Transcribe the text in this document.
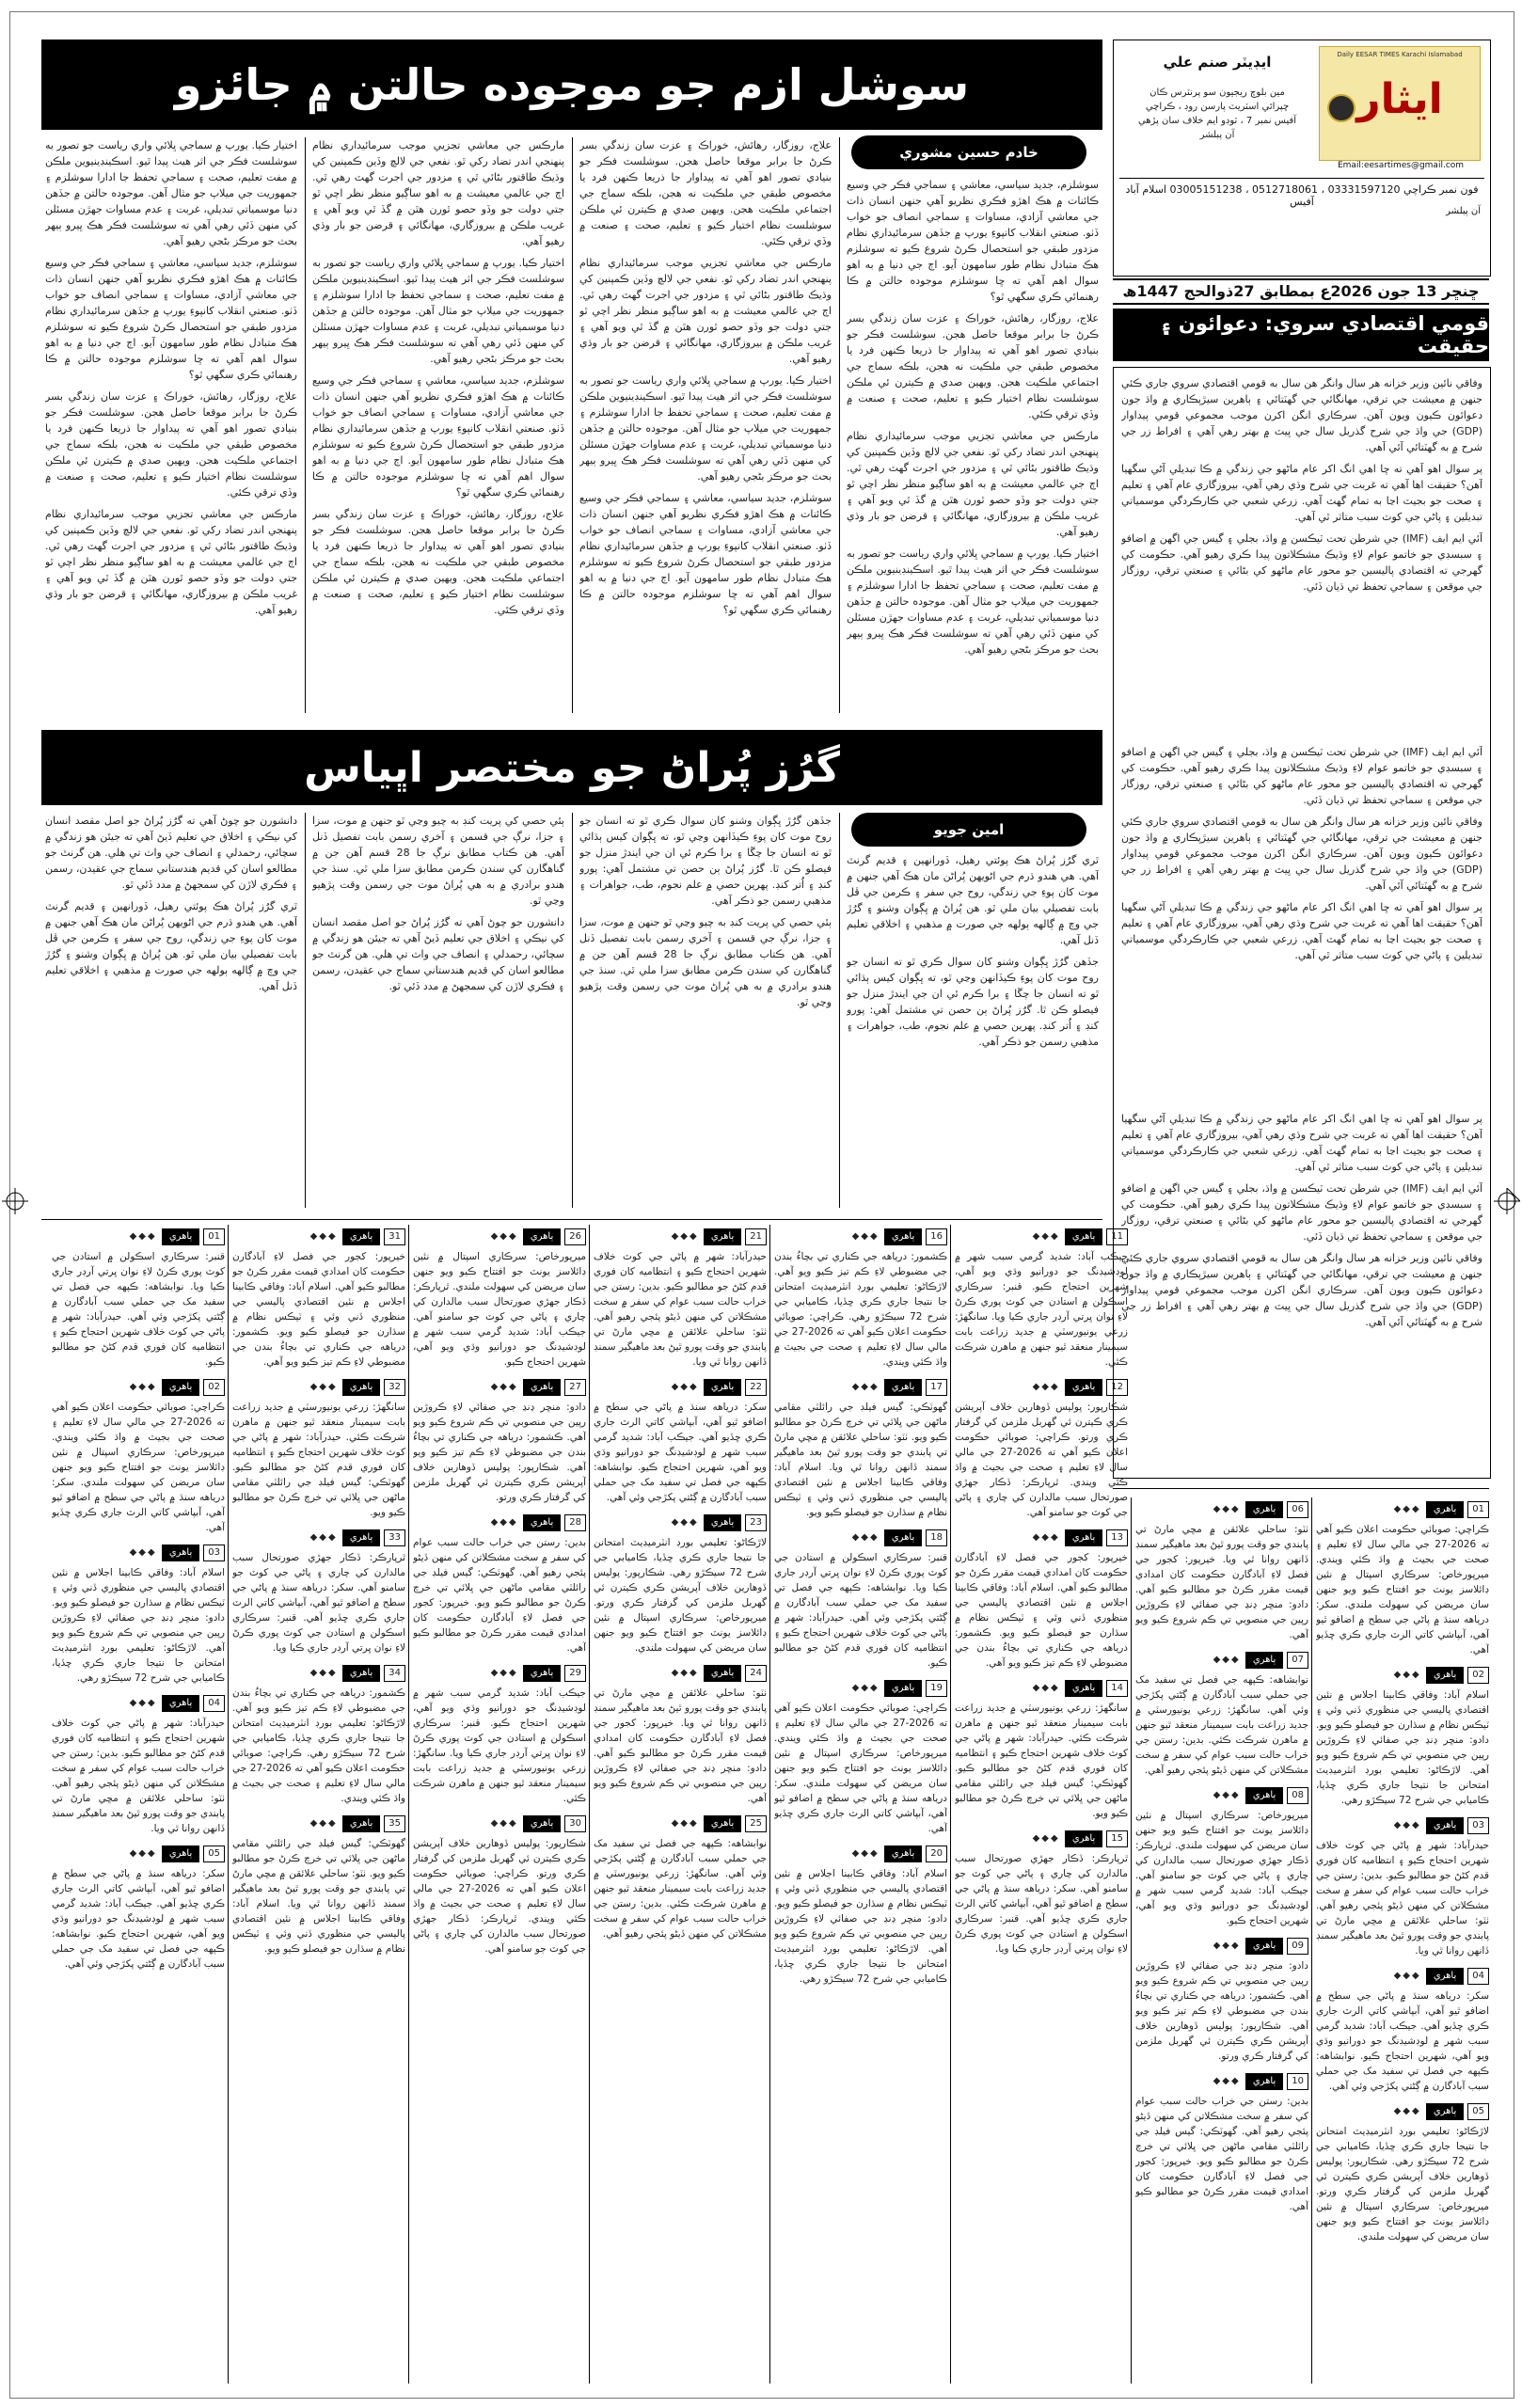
Daily EESAR TIMES Karachi Islamabad
ايثار
ايڊيٽر صنم علي
مين بلوچ ريجيون سو پرنٽرس ڪان
ڇپرائي اسٽريٽ پارسن روڊ ، ڪراچي
آفيس نمبر 7 ، ٽوڊو ايم خلاف سان پڙهي
آن پبلشر
Email:eesartimes@gmail.com
فون نمبر ڪراچي 03331597120 ، 0512718061 ، 03005151238 اسلام آباد آفيس
آن پبلشر
ڇنڇر 13 جون 2026ع بمطابق 27ذوالحج 1447ھ
قومي اقتصادي سروي: دعوائون ۽ حقيقت

وفاقي نائين وزير خزانه هر سال وانگر هن سال به قومي اقتصادي سروي جاري ڪئي جنهن ۾ معيشت جي ترقي، مهانگائي جي گهٽتائي ۽ ٻاهرين سيڙپڪاري ۾ واڌ جون دعوائون ڪيون ويون آهن. سرڪاري انگن اکرن موجب مجموعي قومي پيداوار (GDP) جي واڌ جي شرح گذريل سال جي ڀيٽ ۾ بهتر رهي آهي ۽ افراط زر جي شرح ۾ به گهٽتائي آئي آهي.

پر سوال اهو آهي ته ڇا اهي انگ اکر عام ماڻهو جي زندگي ۾ ڪا تبديلي آڻي سگهيا آهن؟ حقيقت اها آهي ته غربت جي شرح وڌي رهي آهي، بيروزگاري عام آهي ۽ تعليم ۽ صحت جو بجيٽ اڃا به تمام گهٽ آهي. زرعي شعبي جي ڪارڪردگي موسمياتي تبديلين ۽ پاڻي جي کوٽ سبب متاثر ٿي آهي.

آئي ايم ايف (IMF) جي شرطن تحت ٽيڪسن ۾ واڌ، بجلي ۽ گيس جي اگهن ۾ اضافو ۽ سبسڊي جو خاتمو عوام لاءِ وڌيڪ مشڪلاتون پيدا ڪري رهيو آهي. حڪومت کي گهرجي ته اقتصادي پاليسين جو محور عام ماڻهو کي بڻائي ۽ صنعتي ترقي، روزگار جي موقعن ۽ سماجي تحفظ تي ڌيان ڏئي.

آئي ايم ايف (IMF) جي شرطن تحت ٽيڪسن ۾ واڌ، بجلي ۽ گيس جي اگهن ۾ اضافو ۽ سبسڊي جو خاتمو عوام لاءِ وڌيڪ مشڪلاتون پيدا ڪري رهيو آهي. حڪومت کي گهرجي ته اقتصادي پاليسين جو محور عام ماڻهو کي بڻائي ۽ صنعتي ترقي، روزگار جي موقعن ۽ سماجي تحفظ تي ڌيان ڏئي.

وفاقي نائين وزير خزانه هر سال وانگر هن سال به قومي اقتصادي سروي جاري ڪئي جنهن ۾ معيشت جي ترقي، مهانگائي جي گهٽتائي ۽ ٻاهرين سيڙپڪاري ۾ واڌ جون دعوائون ڪيون ويون آهن. سرڪاري انگن اکرن موجب مجموعي قومي پيداوار (GDP) جي واڌ جي شرح گذريل سال جي ڀيٽ ۾ بهتر رهي آهي ۽ افراط زر جي شرح ۾ به گهٽتائي آئي آهي.

پر سوال اهو آهي ته ڇا اهي انگ اکر عام ماڻهو جي زندگي ۾ ڪا تبديلي آڻي سگهيا آهن؟ حقيقت اها آهي ته غربت جي شرح وڌي رهي آهي، بيروزگاري عام آهي ۽ تعليم ۽ صحت جو بجيٽ اڃا به تمام گهٽ آهي. زرعي شعبي جي ڪارڪردگي موسمياتي تبديلين ۽ پاڻي جي کوٽ سبب متاثر ٿي آهي.

پر سوال اهو آهي ته ڇا اهي انگ اکر عام ماڻهو جي زندگي ۾ ڪا تبديلي آڻي سگهيا آهن؟ حقيقت اها آهي ته غربت جي شرح وڌي رهي آهي، بيروزگاري عام آهي ۽ تعليم ۽ صحت جو بجيٽ اڃا به تمام گهٽ آهي. زرعي شعبي جي ڪارڪردگي موسمياتي تبديلين ۽ پاڻي جي کوٽ سبب متاثر ٿي آهي.

آئي ايم ايف (IMF) جي شرطن تحت ٽيڪسن ۾ واڌ، بجلي ۽ گيس جي اگهن ۾ اضافو ۽ سبسڊي جو خاتمو عوام لاءِ وڌيڪ مشڪلاتون پيدا ڪري رهيو آهي. حڪومت کي گهرجي ته اقتصادي پاليسين جو محور عام ماڻهو کي بڻائي ۽ صنعتي ترقي، روزگار جي موقعن ۽ سماجي تحفظ تي ڌيان ڏئي.

وفاقي نائين وزير خزانه هر سال وانگر هن سال به قومي اقتصادي سروي جاري ڪئي جنهن ۾ معيشت جي ترقي، مهانگائي جي گهٽتائي ۽ ٻاهرين سيڙپڪاري ۾ واڌ جون دعوائون ڪيون ويون آهن. سرڪاري انگن اکرن موجب مجموعي قومي پيداوار (GDP) جي واڌ جي شرح گذريل سال جي ڀيٽ ۾ بهتر رهي آهي ۽ افراط زر جي شرح ۾ به گهٽتائي آئي آهي.

سوشل ازم جو موجوده حالتن ۾ جائزو
خادم حسين مشوري

سوشلزم، جديد سياسي، معاشي ۽ سماجي فڪر جي وسيع ڪائنات ۾ هڪ اهڙو فڪري نظريو آهي جنهن انسان ذات جي معاشي آزادي، مساوات ۽ سماجي انصاف جو خواب ڏٺو. صنعتي انقلاب کانپوءِ يورپ ۾ جڏهن سرمائيداري نظام مزدور طبقي جو استحصال ڪرڻ شروع ڪيو ته سوشلزم هڪ متبادل نظام طور سامهون آيو. اڄ جي دنيا ۾ به اهو سوال اهم آهي ته ڇا سوشلزم موجوده حالتن ۾ ڪا رهنمائي ڪري سگهي ٿو؟

علاج، روزگار، رهائش، خوراڪ ۽ عزت سان زندگي بسر ڪرڻ جا برابر موقعا حاصل هجن. سوشلسٽ فڪر جو بنيادي تصور اهو آهي ته پيداوار جا ذريعا ڪنهن فرد يا مخصوص طبقي جي ملڪيت نه هجن، بلڪه سماج جي اجتماعي ملڪيت هجن. ويهين صدي ۾ ڪيترن ئي ملڪن سوشلسٽ نظام اختيار ڪيو ۽ تعليم، صحت ۽ صنعت ۾ وڏي ترقي ڪئي.

مارڪس جي معاشي تجزيي موجب سرمائيداري نظام پنهنجي اندر تضاد رکي ٿو. نفعي جي لالچ وڏين ڪمپنين کي وڌيڪ طاقتور بڻائي ٿي ۽ مزدور جي اجرت گهٽ رهي ٿي. اڄ جي عالمي معيشت ۾ به اهو ساڳيو منظر نظر اچي ٿو جتي دولت جو وڏو حصو ٿورن هٿن ۾ گڏ ٿي ويو آهي ۽ غريب ملڪن ۾ بيروزگاري، مهانگائي ۽ قرضن جو بار وڌي رهيو آهي.

اختيار ڪيا. يورپ ۾ سماجي ڀلائي واري رياست جو تصور به سوشلسٽ فڪر جي اثر هيٺ پيدا ٿيو. اسڪينڊينيوين ملڪن ۾ مفت تعليم، صحت ۽ سماجي تحفظ جا ادارا سوشلزم ۽ جمهوريت جي ميلاپ جو مثال آهن. موجوده حالتن ۾ جڏهن دنيا موسمياتي تبديلي، غربت ۽ عدم مساوات جهڙن مسئلن کي منهن ڏئي رهي آهي ته سوشلسٽ فڪر هڪ ڀيرو ٻيهر بحث جو مرڪز بڻجي رهيو آهي.

علاج، روزگار، رهائش، خوراڪ ۽ عزت سان زندگي بسر ڪرڻ جا برابر موقعا حاصل هجن. سوشلسٽ فڪر جو بنيادي تصور اهو آهي ته پيداوار جا ذريعا ڪنهن فرد يا مخصوص طبقي جي ملڪيت نه هجن، بلڪه سماج جي اجتماعي ملڪيت هجن. ويهين صدي ۾ ڪيترن ئي ملڪن سوشلسٽ نظام اختيار ڪيو ۽ تعليم، صحت ۽ صنعت ۾ وڏي ترقي ڪئي.

مارڪس جي معاشي تجزيي موجب سرمائيداري نظام پنهنجي اندر تضاد رکي ٿو. نفعي جي لالچ وڏين ڪمپنين کي وڌيڪ طاقتور بڻائي ٿي ۽ مزدور جي اجرت گهٽ رهي ٿي. اڄ جي عالمي معيشت ۾ به اهو ساڳيو منظر نظر اچي ٿو جتي دولت جو وڏو حصو ٿورن هٿن ۾ گڏ ٿي ويو آهي ۽ غريب ملڪن ۾ بيروزگاري، مهانگائي ۽ قرضن جو بار وڌي رهيو آهي.

اختيار ڪيا. يورپ ۾ سماجي ڀلائي واري رياست جو تصور به سوشلسٽ فڪر جي اثر هيٺ پيدا ٿيو. اسڪينڊينيوين ملڪن ۾ مفت تعليم، صحت ۽ سماجي تحفظ جا ادارا سوشلزم ۽ جمهوريت جي ميلاپ جو مثال آهن. موجوده حالتن ۾ جڏهن دنيا موسمياتي تبديلي، غربت ۽ عدم مساوات جهڙن مسئلن کي منهن ڏئي رهي آهي ته سوشلسٽ فڪر هڪ ڀيرو ٻيهر بحث جو مرڪز بڻجي رهيو آهي.

سوشلزم، جديد سياسي، معاشي ۽ سماجي فڪر جي وسيع ڪائنات ۾ هڪ اهڙو فڪري نظريو آهي جنهن انسان ذات جي معاشي آزادي، مساوات ۽ سماجي انصاف جو خواب ڏٺو. صنعتي انقلاب کانپوءِ يورپ ۾ جڏهن سرمائيداري نظام مزدور طبقي جو استحصال ڪرڻ شروع ڪيو ته سوشلزم هڪ متبادل نظام طور سامهون آيو. اڄ جي دنيا ۾ به اهو سوال اهم آهي ته ڇا سوشلزم موجوده حالتن ۾ ڪا رهنمائي ڪري سگهي ٿو؟

مارڪس جي معاشي تجزيي موجب سرمائيداري نظام پنهنجي اندر تضاد رکي ٿو. نفعي جي لالچ وڏين ڪمپنين کي وڌيڪ طاقتور بڻائي ٿي ۽ مزدور جي اجرت گهٽ رهي ٿي. اڄ جي عالمي معيشت ۾ به اهو ساڳيو منظر نظر اچي ٿو جتي دولت جو وڏو حصو ٿورن هٿن ۾ گڏ ٿي ويو آهي ۽ غريب ملڪن ۾ بيروزگاري، مهانگائي ۽ قرضن جو بار وڌي رهيو آهي.

اختيار ڪيا. يورپ ۾ سماجي ڀلائي واري رياست جو تصور به سوشلسٽ فڪر جي اثر هيٺ پيدا ٿيو. اسڪينڊينيوين ملڪن ۾ مفت تعليم، صحت ۽ سماجي تحفظ جا ادارا سوشلزم ۽ جمهوريت جي ميلاپ جو مثال آهن. موجوده حالتن ۾ جڏهن دنيا موسمياتي تبديلي، غربت ۽ عدم مساوات جهڙن مسئلن کي منهن ڏئي رهي آهي ته سوشلسٽ فڪر هڪ ڀيرو ٻيهر بحث جو مرڪز بڻجي رهيو آهي.

سوشلزم، جديد سياسي، معاشي ۽ سماجي فڪر جي وسيع ڪائنات ۾ هڪ اهڙو فڪري نظريو آهي جنهن انسان ذات جي معاشي آزادي، مساوات ۽ سماجي انصاف جو خواب ڏٺو. صنعتي انقلاب کانپوءِ يورپ ۾ جڏهن سرمائيداري نظام مزدور طبقي جو استحصال ڪرڻ شروع ڪيو ته سوشلزم هڪ متبادل نظام طور سامهون آيو. اڄ جي دنيا ۾ به اهو سوال اهم آهي ته ڇا سوشلزم موجوده حالتن ۾ ڪا رهنمائي ڪري سگهي ٿو؟

علاج، روزگار، رهائش، خوراڪ ۽ عزت سان زندگي بسر ڪرڻ جا برابر موقعا حاصل هجن. سوشلسٽ فڪر جو بنيادي تصور اهو آهي ته پيداوار جا ذريعا ڪنهن فرد يا مخصوص طبقي جي ملڪيت نه هجن، بلڪه سماج جي اجتماعي ملڪيت هجن. ويهين صدي ۾ ڪيترن ئي ملڪن سوشلسٽ نظام اختيار ڪيو ۽ تعليم، صحت ۽ صنعت ۾ وڏي ترقي ڪئي.

اختيار ڪيا. يورپ ۾ سماجي ڀلائي واري رياست جو تصور به سوشلسٽ فڪر جي اثر هيٺ پيدا ٿيو. اسڪينڊينيوين ملڪن ۾ مفت تعليم، صحت ۽ سماجي تحفظ جا ادارا سوشلزم ۽ جمهوريت جي ميلاپ جو مثال آهن. موجوده حالتن ۾ جڏهن دنيا موسمياتي تبديلي، غربت ۽ عدم مساوات جهڙن مسئلن کي منهن ڏئي رهي آهي ته سوشلسٽ فڪر هڪ ڀيرو ٻيهر بحث جو مرڪز بڻجي رهيو آهي.

سوشلزم، جديد سياسي، معاشي ۽ سماجي فڪر جي وسيع ڪائنات ۾ هڪ اهڙو فڪري نظريو آهي جنهن انسان ذات جي معاشي آزادي، مساوات ۽ سماجي انصاف جو خواب ڏٺو. صنعتي انقلاب کانپوءِ يورپ ۾ جڏهن سرمائيداري نظام مزدور طبقي جو استحصال ڪرڻ شروع ڪيو ته سوشلزم هڪ متبادل نظام طور سامهون آيو. اڄ جي دنيا ۾ به اهو سوال اهم آهي ته ڇا سوشلزم موجوده حالتن ۾ ڪا رهنمائي ڪري سگهي ٿو؟

علاج، روزگار، رهائش، خوراڪ ۽ عزت سان زندگي بسر ڪرڻ جا برابر موقعا حاصل هجن. سوشلسٽ فڪر جو بنيادي تصور اهو آهي ته پيداوار جا ذريعا ڪنهن فرد يا مخصوص طبقي جي ملڪيت نه هجن، بلڪه سماج جي اجتماعي ملڪيت هجن. ويهين صدي ۾ ڪيترن ئي ملڪن سوشلسٽ نظام اختيار ڪيو ۽ تعليم، صحت ۽ صنعت ۾ وڏي ترقي ڪئي.

مارڪس جي معاشي تجزيي موجب سرمائيداري نظام پنهنجي اندر تضاد رکي ٿو. نفعي جي لالچ وڏين ڪمپنين کي وڌيڪ طاقتور بڻائي ٿي ۽ مزدور جي اجرت گهٽ رهي ٿي. اڄ جي عالمي معيشت ۾ به اهو ساڳيو منظر نظر اچي ٿو جتي دولت جو وڏو حصو ٿورن هٿن ۾ گڏ ٿي ويو آهي ۽ غريب ملڪن ۾ بيروزگاري، مهانگائي ۽ قرضن جو بار وڌي رهيو آهي.

گرُز پُراڻ جو مختصر اڀياس
امين جويو

ٿري گرُز پُراڻ هڪ پوئتي رهيل، ڏورانهين ۽ قديم گرنٿ آهي. هي هندو ڌرم جي اڻويهن پُراڻن مان هڪ آهي جنهن ۾ موت کان پوءِ جي زندگي، روح جي سفر ۽ ڪرمن جي ڦل بابت تفصيلي بيان ملي ٿو. هن پُراڻ ۾ ڀڳوان وشنو ۽ گرُڙ جي وچ ۾ ڳالهه ٻولهه جي صورت ۾ مذهبي ۽ اخلاقي تعليم ڏنل آهي.

جڏهن گرُڙ ڀڳوان وشنو کان سوال ڪري ٿو ته انسان جو روح موت کان پوءِ ڪيڏانهن وڃي ٿو، ته ڀڳوان کيس ٻڌائي ٿو ته انسان جا چڱا ۽ برا ڪرم ئي ان جي ايندڙ منزل جو فيصلو ڪن ٿا. گرُز پُراڻ ٻن حصن تي مشتمل آهي: پورو کنڊ ۽ اُتر کنڊ. پهرين حصي ۾ علم نجوم، طب، جواهرات ۽ مذهبي رسمن جو ذڪر آهي.

جڏهن گرُڙ ڀڳوان وشنو کان سوال ڪري ٿو ته انسان جو روح موت کان پوءِ ڪيڏانهن وڃي ٿو، ته ڀڳوان کيس ٻڌائي ٿو ته انسان جا چڱا ۽ برا ڪرم ئي ان جي ايندڙ منزل جو فيصلو ڪن ٿا. گرُز پُراڻ ٻن حصن تي مشتمل آهي: پورو کنڊ ۽ اُتر کنڊ. پهرين حصي ۾ علم نجوم، طب، جواهرات ۽ مذهبي رسمن جو ذڪر آهي.

ٻئي حصي کي پريت کنڊ به چيو وڃي ٿو جنهن ۾ موت، سزا ۽ جزا، نرڳ جي قسمن ۽ آخري رسمن بابت تفصيل ڏنل آهي. هن ڪتاب مطابق نرڳ جا 28 قسم آهن جن ۾ گناهگارن کي سندن ڪرمن مطابق سزا ملي ٿي. سنڌ جي هندو برادري ۾ به هي پُراڻ موت جي رسمن وقت پڙهيو وڃي ٿو.

ٻئي حصي کي پريت کنڊ به چيو وڃي ٿو جنهن ۾ موت، سزا ۽ جزا، نرڳ جي قسمن ۽ آخري رسمن بابت تفصيل ڏنل آهي. هن ڪتاب مطابق نرڳ جا 28 قسم آهن جن ۾ گناهگارن کي سندن ڪرمن مطابق سزا ملي ٿي. سنڌ جي هندو برادري ۾ به هي پُراڻ موت جي رسمن وقت پڙهيو وڃي ٿو.

دانشورن جو چوڻ آهي ته گرُز پُراڻ جو اصل مقصد انسان کي نيڪي ۽ اخلاق جي تعليم ڏيڻ آهي ته جيئن هو زندگي ۾ سچائي، رحمدلي ۽ انصاف جي واٽ تي هلي. هن گرنٿ جو مطالعو اسان کي قديم هندستاني سماج جي عقيدن، رسمن ۽ فڪري لاڙن کي سمجهڻ ۾ مدد ڏئي ٿو.

دانشورن جو چوڻ آهي ته گرُز پُراڻ جو اصل مقصد انسان کي نيڪي ۽ اخلاق جي تعليم ڏيڻ آهي ته جيئن هو زندگي ۾ سچائي، رحمدلي ۽ انصاف جي واٽ تي هلي. هن گرنٿ جو مطالعو اسان کي قديم هندستاني سماج جي عقيدن، رسمن ۽ فڪري لاڙن کي سمجهڻ ۾ مدد ڏئي ٿو.

ٿري گرُز پُراڻ هڪ پوئتي رهيل، ڏورانهين ۽ قديم گرنٿ آهي. هي هندو ڌرم جي اڻويهن پُراڻن مان هڪ آهي جنهن ۾ موت کان پوءِ جي زندگي، روح جي سفر ۽ ڪرمن جي ڦل بابت تفصيلي بيان ملي ٿو. هن پُراڻ ۾ ڀڳوان وشنو ۽ گرُڙ جي وچ ۾ ڳالهه ٻولهه جي صورت ۾ مذهبي ۽ اخلاقي تعليم ڏنل آهي.

01ٻاهري ◆◆◆
ڪراچي: صوبائي حڪومت اعلان ڪيو آهي ته 2026-27 جي مالي سال لاءِ تعليم ۽ صحت جي بجيٽ ۾ واڌ ڪئي ويندي. ميرپورخاص: سرڪاري اسپتال ۾ نئين ڊائلاسز يونٽ جو افتتاح ڪيو ويو جنهن سان مريضن کي سهولت ملندي. سکر: درياهه سنڌ ۾ پاڻي جي سطح ۾ اضافو ٿيو آهي، آبپاشي کاتي الرٽ جاري ڪري ڇڏيو آهي.
02ٻاهري ◆◆◆
اسلام آباد: وفاقي ڪابينا اجلاس ۾ نئين اقتصادي پاليسي جي منظوري ڏني وئي ۽ ٽيڪس نظام ۾ سڌارن جو فيصلو ڪيو ويو. دادو: منڇر ڍنڍ جي صفائي لاءِ ڪروڙين رپين جي منصوبي تي ڪم شروع ڪيو ويو آهي. لاڙڪاڻو: تعليمي بورڊ انٽرميڊيٽ امتحانن جا نتيجا جاري ڪري ڇڏيا، ڪاميابي جي شرح 72 سيڪڙو رهي.
03ٻاهري ◆◆◆
حيدرآباد: شهر ۾ پاڻي جي کوٽ خلاف شهرين احتجاج ڪيو ۽ انتظاميه کان فوري قدم کڻڻ جو مطالبو ڪيو. بدين: رستن جي خراب حالت سبب عوام کي سفر ۾ سخت مشڪلاتن کي منهن ڏيڻو پئجي رهيو آهي. ٺٽو: ساحلي علائقن ۾ مڇي مارڻ تي پابندي جو وقت پورو ٿيڻ بعد ماهيگير سمنڊ ڏانهن روانا ٿي ويا.
04ٻاهري ◆◆◆
سکر: درياهه سنڌ ۾ پاڻي جي سطح ۾ اضافو ٿيو آهي، آبپاشي کاتي الرٽ جاري ڪري ڇڏيو آهي. جيڪب آباد: شديد گرمي سبب شهر ۾ لوڊشيڊنگ جو دورانيو وڌي ويو آهي، شهرين احتجاج ڪيو. نوابشاهه: ڪپهه جي فصل تي سفيد مک جي حملي سبب آبادگارن ۾ ڳڻتي پکڙجي وئي آهي.
05ٻاهري ◆◆◆
لاڙڪاڻو: تعليمي بورڊ انٽرميڊيٽ امتحانن جا نتيجا جاري ڪري ڇڏيا، ڪاميابي جي شرح 72 سيڪڙو رهي. شڪارپور: پوليس ڏوهارين خلاف آپريشن ڪري ڪيترن ئي گهربل ملزمن کي گرفتار ڪري ورتو. ميرپورخاص: سرڪاري اسپتال ۾ نئين ڊائلاسز يونٽ جو افتتاح ڪيو ويو جنهن سان مريضن کي سهولت ملندي.
06ٻاهري ◆◆◆
ٺٽو: ساحلي علائقن ۾ مڇي مارڻ تي پابندي جو وقت پورو ٿيڻ بعد ماهيگير سمنڊ ڏانهن روانا ٿي ويا. خيرپور: کجور جي فصل لاءِ آبادگارن حڪومت کان امدادي قيمت مقرر ڪرڻ جو مطالبو ڪيو آهي. دادو: منڇر ڍنڍ جي صفائي لاءِ ڪروڙين رپين جي منصوبي تي ڪم شروع ڪيو ويو آهي.
07ٻاهري ◆◆◆
نوابشاهه: ڪپهه جي فصل تي سفيد مک جي حملي سبب آبادگارن ۾ ڳڻتي پکڙجي وئي آهي. سانگهڙ: زرعي يونيورسٽي ۾ جديد زراعت بابت سيمينار منعقد ٿيو جنهن ۾ ماهرن شرڪت ڪئي. بدين: رستن جي خراب حالت سبب عوام کي سفر ۾ سخت مشڪلاتن کي منهن ڏيڻو پئجي رهيو آهي.
08ٻاهري ◆◆◆
ميرپورخاص: سرڪاري اسپتال ۾ نئين ڊائلاسز يونٽ جو افتتاح ڪيو ويو جنهن سان مريضن کي سهولت ملندي. ٿرپارڪر: ڏڪار جهڙي صورتحال سبب مالدارن کي چاري ۽ پاڻي جي کوٽ جو سامنو آهي. جيڪب آباد: شديد گرمي سبب شهر ۾ لوڊشيڊنگ جو دورانيو وڌي ويو آهي، شهرين احتجاج ڪيو.
09ٻاهري ◆◆◆
دادو: منڇر ڍنڍ جي صفائي لاءِ ڪروڙين رپين جي منصوبي تي ڪم شروع ڪيو ويو آهي. ڪشمور: درياهه جي ڪناري تي بچاءُ بندن جي مضبوطي لاءِ ڪم تيز ڪيو ويو آهي. شڪارپور: پوليس ڏوهارين خلاف آپريشن ڪري ڪيترن ئي گهربل ملزمن کي گرفتار ڪري ورتو.
10ٻاهري ◆◆◆
بدين: رستن جي خراب حالت سبب عوام کي سفر ۾ سخت مشڪلاتن کي منهن ڏيڻو پئجي رهيو آهي. گهوٽڪي: گيس فيلڊ جي رائلٽي مقامي ماڻهن جي ڀلائي تي خرچ ڪرڻ جو مطالبو ڪيو ويو. خيرپور: کجور جي فصل لاءِ آبادگارن حڪومت کان امدادي قيمت مقرر ڪرڻ جو مطالبو ڪيو آهي.
11ٻاهري ◆◆◆
جيڪب آباد: شديد گرمي سبب شهر ۾ لوڊشيڊنگ جو دورانيو وڌي ويو آهي، شهرين احتجاج ڪيو. قنبر: سرڪاري اسڪولن ۾ استادن جي کوٽ پوري ڪرڻ لاءِ نوان ڀرتي آرڊر جاري ڪيا ويا. سانگهڙ: زرعي يونيورسٽي ۾ جديد زراعت بابت سيمينار منعقد ٿيو جنهن ۾ ماهرن شرڪت ڪئي.
12ٻاهري ◆◆◆
شڪارپور: پوليس ڏوهارين خلاف آپريشن ڪري ڪيترن ئي گهربل ملزمن کي گرفتار ڪري ورتو. ڪراچي: صوبائي حڪومت اعلان ڪيو آهي ته 2026-27 جي مالي سال لاءِ تعليم ۽ صحت جي بجيٽ ۾ واڌ ڪئي ويندي. ٿرپارڪر: ڏڪار جهڙي صورتحال سبب مالدارن کي چاري ۽ پاڻي جي کوٽ جو سامنو آهي.
13ٻاهري ◆◆◆
خيرپور: کجور جي فصل لاءِ آبادگارن حڪومت کان امدادي قيمت مقرر ڪرڻ جو مطالبو ڪيو آهي. اسلام آباد: وفاقي ڪابينا اجلاس ۾ نئين اقتصادي پاليسي جي منظوري ڏني وئي ۽ ٽيڪس نظام ۾ سڌارن جو فيصلو ڪيو ويو. ڪشمور: درياهه جي ڪناري تي بچاءُ بندن جي مضبوطي لاءِ ڪم تيز ڪيو ويو آهي.
14ٻاهري ◆◆◆
سانگهڙ: زرعي يونيورسٽي ۾ جديد زراعت بابت سيمينار منعقد ٿيو جنهن ۾ ماهرن شرڪت ڪئي. حيدرآباد: شهر ۾ پاڻي جي کوٽ خلاف شهرين احتجاج ڪيو ۽ انتظاميه کان فوري قدم کڻڻ جو مطالبو ڪيو. گهوٽڪي: گيس فيلڊ جي رائلٽي مقامي ماڻهن جي ڀلائي تي خرچ ڪرڻ جو مطالبو ڪيو ويو.
15ٻاهري ◆◆◆
ٿرپارڪر: ڏڪار جهڙي صورتحال سبب مالدارن کي چاري ۽ پاڻي جي کوٽ جو سامنو آهي. سکر: درياهه سنڌ ۾ پاڻي جي سطح ۾ اضافو ٿيو آهي، آبپاشي کاتي الرٽ جاري ڪري ڇڏيو آهي. قنبر: سرڪاري اسڪولن ۾ استادن جي کوٽ پوري ڪرڻ لاءِ نوان ڀرتي آرڊر جاري ڪيا ويا.
16ٻاهري ◆◆◆
ڪشمور: درياهه جي ڪناري تي بچاءُ بندن جي مضبوطي لاءِ ڪم تيز ڪيو ويو آهي. لاڙڪاڻو: تعليمي بورڊ انٽرميڊيٽ امتحانن جا نتيجا جاري ڪري ڇڏيا، ڪاميابي جي شرح 72 سيڪڙو رهي. ڪراچي: صوبائي حڪومت اعلان ڪيو آهي ته 2026-27 جي مالي سال لاءِ تعليم ۽ صحت جي بجيٽ ۾ واڌ ڪئي ويندي.
17ٻاهري ◆◆◆
گهوٽڪي: گيس فيلڊ جي رائلٽي مقامي ماڻهن جي ڀلائي تي خرچ ڪرڻ جو مطالبو ڪيو ويو. ٺٽو: ساحلي علائقن ۾ مڇي مارڻ تي پابندي جو وقت پورو ٿيڻ بعد ماهيگير سمنڊ ڏانهن روانا ٿي ويا. اسلام آباد: وفاقي ڪابينا اجلاس ۾ نئين اقتصادي پاليسي جي منظوري ڏني وئي ۽ ٽيڪس نظام ۾ سڌارن جو فيصلو ڪيو ويو.
18ٻاهري ◆◆◆
قنبر: سرڪاري اسڪولن ۾ استادن جي کوٽ پوري ڪرڻ لاءِ نوان ڀرتي آرڊر جاري ڪيا ويا. نوابشاهه: ڪپهه جي فصل تي سفيد مک جي حملي سبب آبادگارن ۾ ڳڻتي پکڙجي وئي آهي. حيدرآباد: شهر ۾ پاڻي جي کوٽ خلاف شهرين احتجاج ڪيو ۽ انتظاميه کان فوري قدم کڻڻ جو مطالبو ڪيو.
19ٻاهري ◆◆◆
ڪراچي: صوبائي حڪومت اعلان ڪيو آهي ته 2026-27 جي مالي سال لاءِ تعليم ۽ صحت جي بجيٽ ۾ واڌ ڪئي ويندي. ميرپورخاص: سرڪاري اسپتال ۾ نئين ڊائلاسز يونٽ جو افتتاح ڪيو ويو جنهن سان مريضن کي سهولت ملندي. سکر: درياهه سنڌ ۾ پاڻي جي سطح ۾ اضافو ٿيو آهي، آبپاشي کاتي الرٽ جاري ڪري ڇڏيو آهي.
20ٻاهري ◆◆◆
اسلام آباد: وفاقي ڪابينا اجلاس ۾ نئين اقتصادي پاليسي جي منظوري ڏني وئي ۽ ٽيڪس نظام ۾ سڌارن جو فيصلو ڪيو ويو. دادو: منڇر ڍنڍ جي صفائي لاءِ ڪروڙين رپين جي منصوبي تي ڪم شروع ڪيو ويو آهي. لاڙڪاڻو: تعليمي بورڊ انٽرميڊيٽ امتحانن جا نتيجا جاري ڪري ڇڏيا، ڪاميابي جي شرح 72 سيڪڙو رهي.
21ٻاهري ◆◆◆
حيدرآباد: شهر ۾ پاڻي جي کوٽ خلاف شهرين احتجاج ڪيو ۽ انتظاميه کان فوري قدم کڻڻ جو مطالبو ڪيو. بدين: رستن جي خراب حالت سبب عوام کي سفر ۾ سخت مشڪلاتن کي منهن ڏيڻو پئجي رهيو آهي. ٺٽو: ساحلي علائقن ۾ مڇي مارڻ تي پابندي جو وقت پورو ٿيڻ بعد ماهيگير سمنڊ ڏانهن روانا ٿي ويا.
22ٻاهري ◆◆◆
سکر: درياهه سنڌ ۾ پاڻي جي سطح ۾ اضافو ٿيو آهي، آبپاشي کاتي الرٽ جاري ڪري ڇڏيو آهي. جيڪب آباد: شديد گرمي سبب شهر ۾ لوڊشيڊنگ جو دورانيو وڌي ويو آهي، شهرين احتجاج ڪيو. نوابشاهه: ڪپهه جي فصل تي سفيد مک جي حملي سبب آبادگارن ۾ ڳڻتي پکڙجي وئي آهي.
23ٻاهري ◆◆◆
لاڙڪاڻو: تعليمي بورڊ انٽرميڊيٽ امتحانن جا نتيجا جاري ڪري ڇڏيا، ڪاميابي جي شرح 72 سيڪڙو رهي. شڪارپور: پوليس ڏوهارين خلاف آپريشن ڪري ڪيترن ئي گهربل ملزمن کي گرفتار ڪري ورتو. ميرپورخاص: سرڪاري اسپتال ۾ نئين ڊائلاسز يونٽ جو افتتاح ڪيو ويو جنهن سان مريضن کي سهولت ملندي.
24ٻاهري ◆◆◆
ٺٽو: ساحلي علائقن ۾ مڇي مارڻ تي پابندي جو وقت پورو ٿيڻ بعد ماهيگير سمنڊ ڏانهن روانا ٿي ويا. خيرپور: کجور جي فصل لاءِ آبادگارن حڪومت کان امدادي قيمت مقرر ڪرڻ جو مطالبو ڪيو آهي. دادو: منڇر ڍنڍ جي صفائي لاءِ ڪروڙين رپين جي منصوبي تي ڪم شروع ڪيو ويو آهي.
25ٻاهري ◆◆◆
نوابشاهه: ڪپهه جي فصل تي سفيد مک جي حملي سبب آبادگارن ۾ ڳڻتي پکڙجي وئي آهي. سانگهڙ: زرعي يونيورسٽي ۾ جديد زراعت بابت سيمينار منعقد ٿيو جنهن ۾ ماهرن شرڪت ڪئي. بدين: رستن جي خراب حالت سبب عوام کي سفر ۾ سخت مشڪلاتن کي منهن ڏيڻو پئجي رهيو آهي.
26ٻاهري ◆◆◆
ميرپورخاص: سرڪاري اسپتال ۾ نئين ڊائلاسز يونٽ جو افتتاح ڪيو ويو جنهن سان مريضن کي سهولت ملندي. ٿرپارڪر: ڏڪار جهڙي صورتحال سبب مالدارن کي چاري ۽ پاڻي جي کوٽ جو سامنو آهي. جيڪب آباد: شديد گرمي سبب شهر ۾ لوڊشيڊنگ جو دورانيو وڌي ويو آهي، شهرين احتجاج ڪيو.
27ٻاهري ◆◆◆
دادو: منڇر ڍنڍ جي صفائي لاءِ ڪروڙين رپين جي منصوبي تي ڪم شروع ڪيو ويو آهي. ڪشمور: درياهه جي ڪناري تي بچاءُ بندن جي مضبوطي لاءِ ڪم تيز ڪيو ويو آهي. شڪارپور: پوليس ڏوهارين خلاف آپريشن ڪري ڪيترن ئي گهربل ملزمن کي گرفتار ڪري ورتو.
28ٻاهري ◆◆◆
بدين: رستن جي خراب حالت سبب عوام کي سفر ۾ سخت مشڪلاتن کي منهن ڏيڻو پئجي رهيو آهي. گهوٽڪي: گيس فيلڊ جي رائلٽي مقامي ماڻهن جي ڀلائي تي خرچ ڪرڻ جو مطالبو ڪيو ويو. خيرپور: کجور جي فصل لاءِ آبادگارن حڪومت کان امدادي قيمت مقرر ڪرڻ جو مطالبو ڪيو آهي.
29ٻاهري ◆◆◆
جيڪب آباد: شديد گرمي سبب شهر ۾ لوڊشيڊنگ جو دورانيو وڌي ويو آهي، شهرين احتجاج ڪيو. قنبر: سرڪاري اسڪولن ۾ استادن جي کوٽ پوري ڪرڻ لاءِ نوان ڀرتي آرڊر جاري ڪيا ويا. سانگهڙ: زرعي يونيورسٽي ۾ جديد زراعت بابت سيمينار منعقد ٿيو جنهن ۾ ماهرن شرڪت ڪئي.
30ٻاهري ◆◆◆
شڪارپور: پوليس ڏوهارين خلاف آپريشن ڪري ڪيترن ئي گهربل ملزمن کي گرفتار ڪري ورتو. ڪراچي: صوبائي حڪومت اعلان ڪيو آهي ته 2026-27 جي مالي سال لاءِ تعليم ۽ صحت جي بجيٽ ۾ واڌ ڪئي ويندي. ٿرپارڪر: ڏڪار جهڙي صورتحال سبب مالدارن کي چاري ۽ پاڻي جي کوٽ جو سامنو آهي.
31ٻاهري ◆◆◆
خيرپور: کجور جي فصل لاءِ آبادگارن حڪومت کان امدادي قيمت مقرر ڪرڻ جو مطالبو ڪيو آهي. اسلام آباد: وفاقي ڪابينا اجلاس ۾ نئين اقتصادي پاليسي جي منظوري ڏني وئي ۽ ٽيڪس نظام ۾ سڌارن جو فيصلو ڪيو ويو. ڪشمور: درياهه جي ڪناري تي بچاءُ بندن جي مضبوطي لاءِ ڪم تيز ڪيو ويو آهي.
32ٻاهري ◆◆◆
سانگهڙ: زرعي يونيورسٽي ۾ جديد زراعت بابت سيمينار منعقد ٿيو جنهن ۾ ماهرن شرڪت ڪئي. حيدرآباد: شهر ۾ پاڻي جي کوٽ خلاف شهرين احتجاج ڪيو ۽ انتظاميه کان فوري قدم کڻڻ جو مطالبو ڪيو. گهوٽڪي: گيس فيلڊ جي رائلٽي مقامي ماڻهن جي ڀلائي تي خرچ ڪرڻ جو مطالبو ڪيو ويو.
33ٻاهري ◆◆◆
ٿرپارڪر: ڏڪار جهڙي صورتحال سبب مالدارن کي چاري ۽ پاڻي جي کوٽ جو سامنو آهي. سکر: درياهه سنڌ ۾ پاڻي جي سطح ۾ اضافو ٿيو آهي، آبپاشي کاتي الرٽ جاري ڪري ڇڏيو آهي. قنبر: سرڪاري اسڪولن ۾ استادن جي کوٽ پوري ڪرڻ لاءِ نوان ڀرتي آرڊر جاري ڪيا ويا.
34ٻاهري ◆◆◆
ڪشمور: درياهه جي ڪناري تي بچاءُ بندن جي مضبوطي لاءِ ڪم تيز ڪيو ويو آهي. لاڙڪاڻو: تعليمي بورڊ انٽرميڊيٽ امتحانن جا نتيجا جاري ڪري ڇڏيا، ڪاميابي جي شرح 72 سيڪڙو رهي. ڪراچي: صوبائي حڪومت اعلان ڪيو آهي ته 2026-27 جي مالي سال لاءِ تعليم ۽ صحت جي بجيٽ ۾ واڌ ڪئي ويندي.
35ٻاهري ◆◆◆
گهوٽڪي: گيس فيلڊ جي رائلٽي مقامي ماڻهن جي ڀلائي تي خرچ ڪرڻ جو مطالبو ڪيو ويو. ٺٽو: ساحلي علائقن ۾ مڇي مارڻ تي پابندي جو وقت پورو ٿيڻ بعد ماهيگير سمنڊ ڏانهن روانا ٿي ويا. اسلام آباد: وفاقي ڪابينا اجلاس ۾ نئين اقتصادي پاليسي جي منظوري ڏني وئي ۽ ٽيڪس نظام ۾ سڌارن جو فيصلو ڪيو ويو.
01ٻاهري ◆◆◆
قنبر: سرڪاري اسڪولن ۾ استادن جي کوٽ پوري ڪرڻ لاءِ نوان ڀرتي آرڊر جاري ڪيا ويا. نوابشاهه: ڪپهه جي فصل تي سفيد مک جي حملي سبب آبادگارن ۾ ڳڻتي پکڙجي وئي آهي. حيدرآباد: شهر ۾ پاڻي جي کوٽ خلاف شهرين احتجاج ڪيو ۽ انتظاميه کان فوري قدم کڻڻ جو مطالبو ڪيو.
02ٻاهري ◆◆◆
ڪراچي: صوبائي حڪومت اعلان ڪيو آهي ته 2026-27 جي مالي سال لاءِ تعليم ۽ صحت جي بجيٽ ۾ واڌ ڪئي ويندي. ميرپورخاص: سرڪاري اسپتال ۾ نئين ڊائلاسز يونٽ جو افتتاح ڪيو ويو جنهن سان مريضن کي سهولت ملندي. سکر: درياهه سنڌ ۾ پاڻي جي سطح ۾ اضافو ٿيو آهي، آبپاشي کاتي الرٽ جاري ڪري ڇڏيو آهي.
03ٻاهري ◆◆◆
اسلام آباد: وفاقي ڪابينا اجلاس ۾ نئين اقتصادي پاليسي جي منظوري ڏني وئي ۽ ٽيڪس نظام ۾ سڌارن جو فيصلو ڪيو ويو. دادو: منڇر ڍنڍ جي صفائي لاءِ ڪروڙين رپين جي منصوبي تي ڪم شروع ڪيو ويو آهي. لاڙڪاڻو: تعليمي بورڊ انٽرميڊيٽ امتحانن جا نتيجا جاري ڪري ڇڏيا، ڪاميابي جي شرح 72 سيڪڙو رهي.
04ٻاهري ◆◆◆
حيدرآباد: شهر ۾ پاڻي جي کوٽ خلاف شهرين احتجاج ڪيو ۽ انتظاميه کان فوري قدم کڻڻ جو مطالبو ڪيو. بدين: رستن جي خراب حالت سبب عوام کي سفر ۾ سخت مشڪلاتن کي منهن ڏيڻو پئجي رهيو آهي. ٺٽو: ساحلي علائقن ۾ مڇي مارڻ تي پابندي جو وقت پورو ٿيڻ بعد ماهيگير سمنڊ ڏانهن روانا ٿي ويا.
05ٻاهري ◆◆◆
سکر: درياهه سنڌ ۾ پاڻي جي سطح ۾ اضافو ٿيو آهي، آبپاشي کاتي الرٽ جاري ڪري ڇڏيو آهي. جيڪب آباد: شديد گرمي سبب شهر ۾ لوڊشيڊنگ جو دورانيو وڌي ويو آهي، شهرين احتجاج ڪيو. نوابشاهه: ڪپهه جي فصل تي سفيد مک جي حملي سبب آبادگارن ۾ ڳڻتي پکڙجي وئي آهي.
